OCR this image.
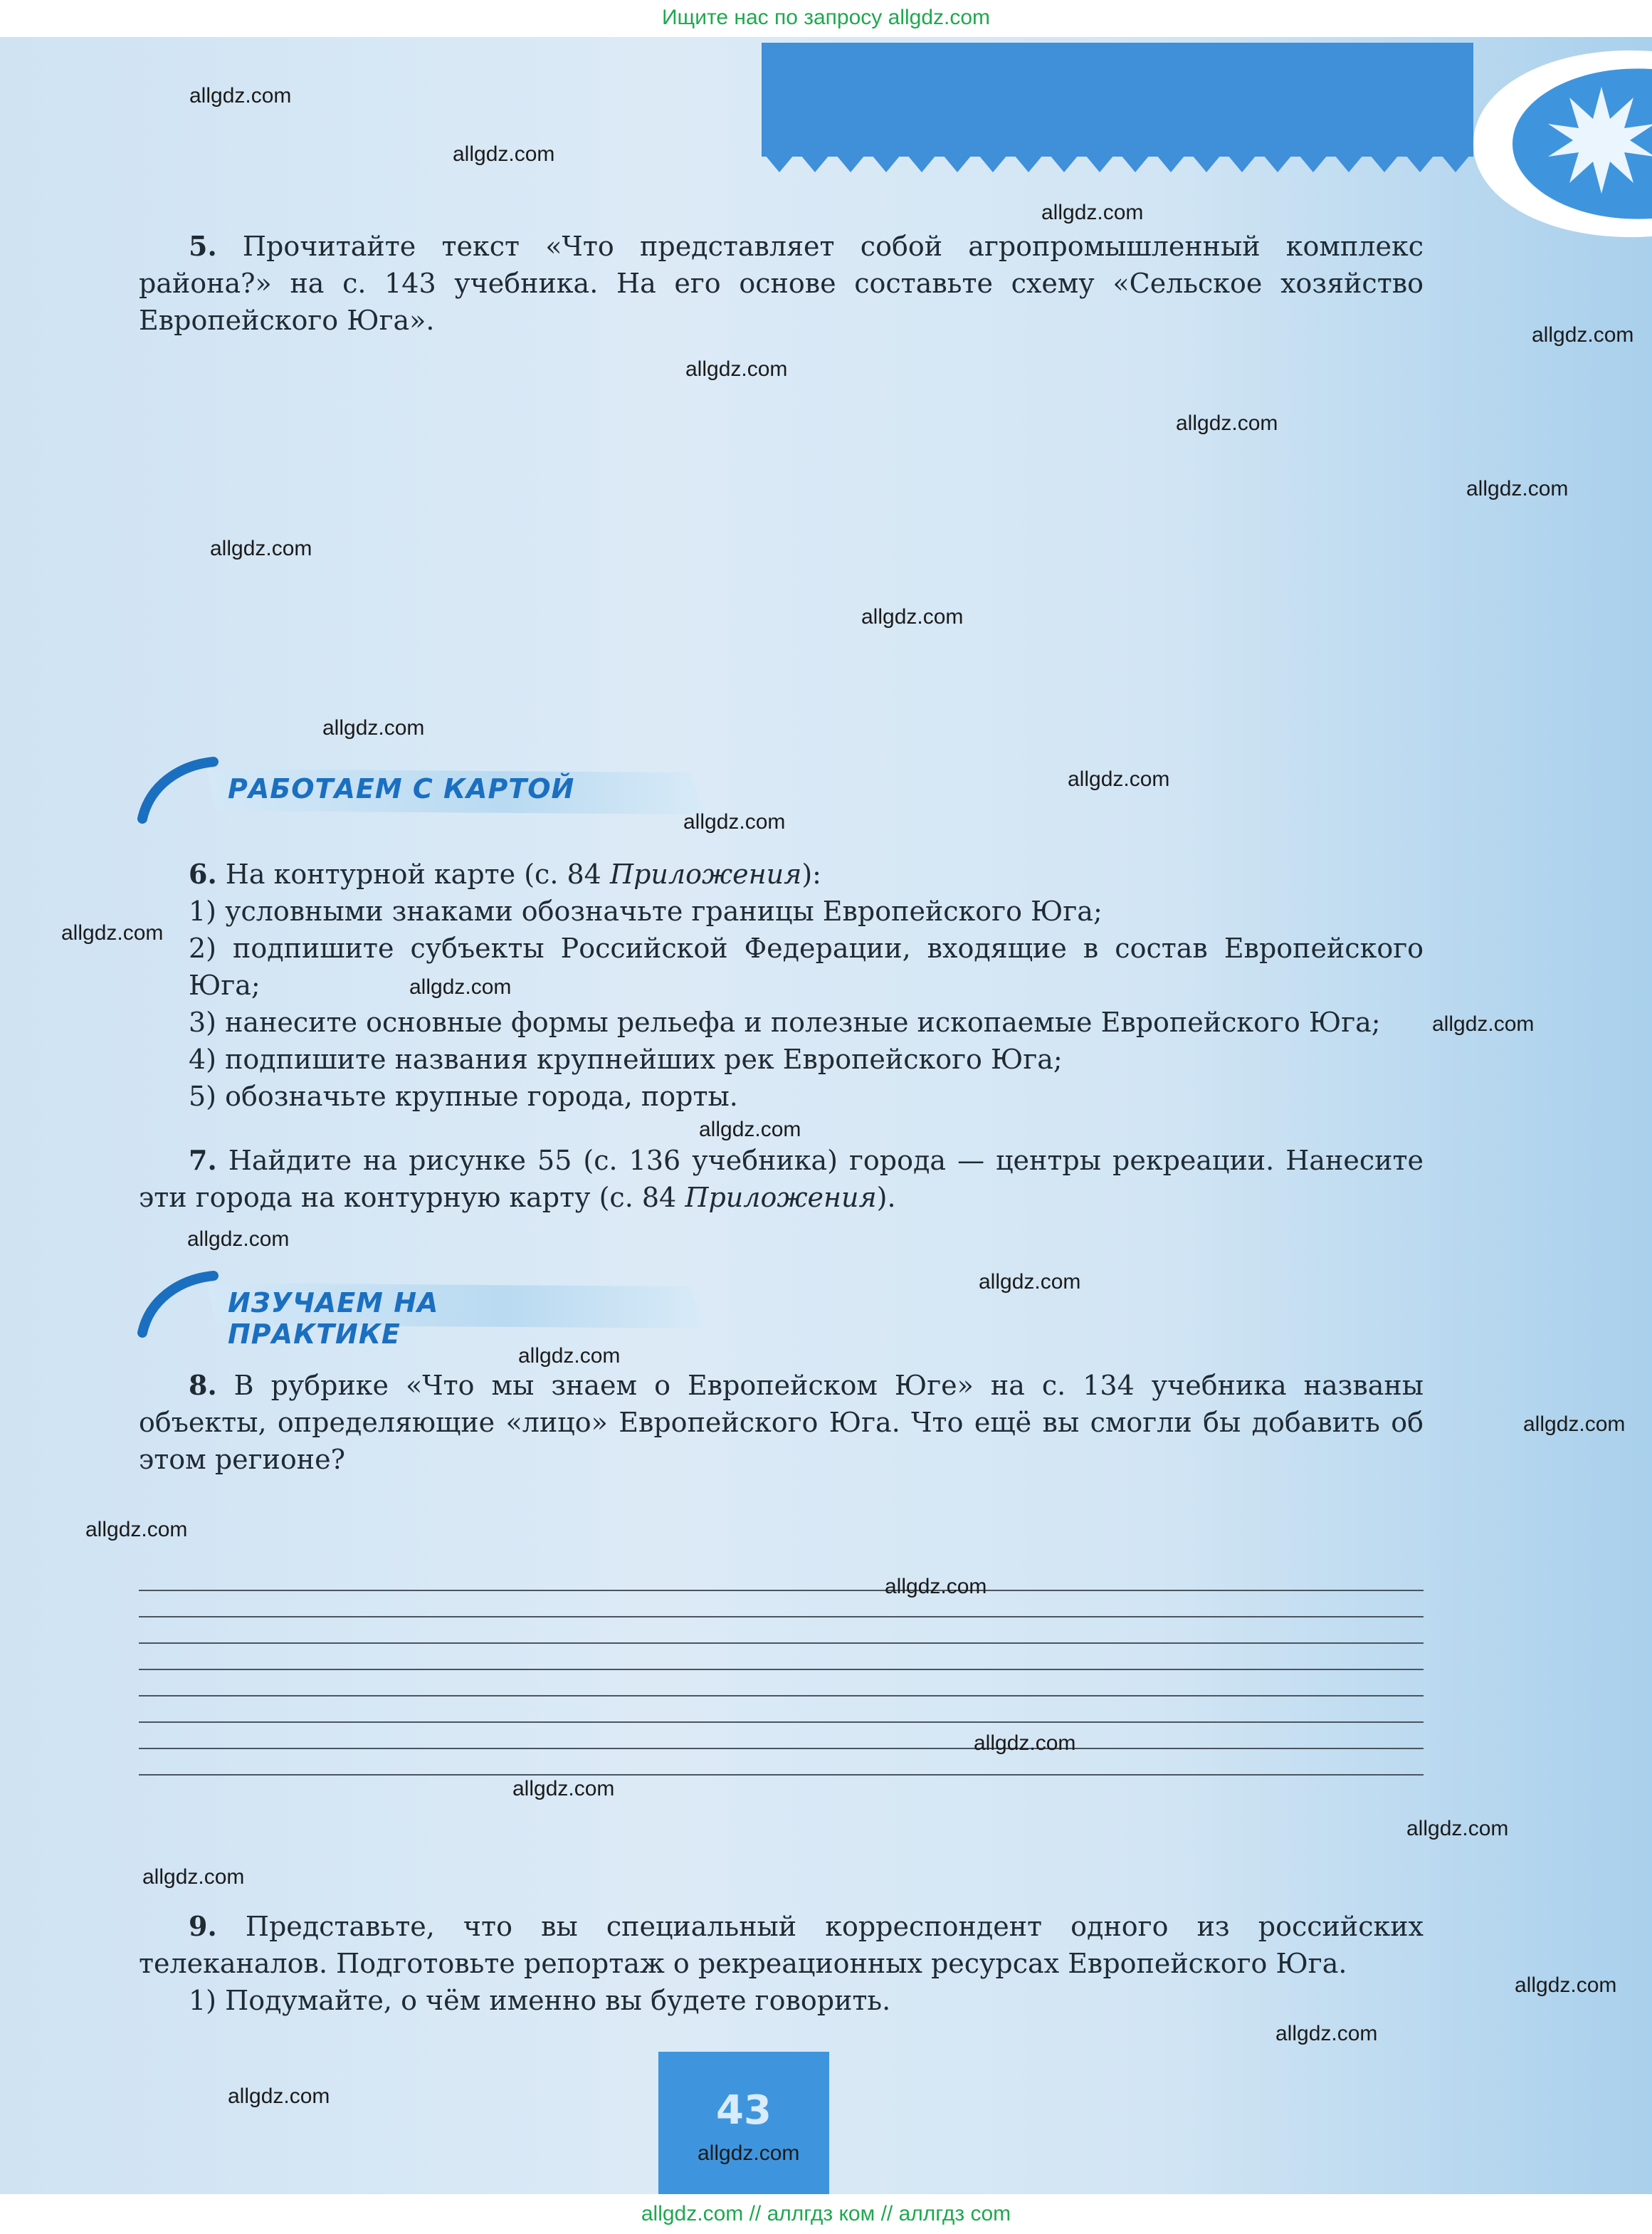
Ищите нас по запросу allgdz.com

5. Прочитайте текст «Что представляет собой агропромышленный комплекс района?» на с. 143 учебника. На его основе составьте схему «Сельское хозяйство Европейского Юга».

РАБОТАЕМ С КАРТОЙ

6. На контурной карте (с. 84 Приложения):

1) условными знаками обозначьте границы Европейского Юга;

2) подпишите субъекты Российской Федерации, входящие в состав Европейского Юга;

3) нанесите основные формы рельефа и полезные ископаемые Европейского Юга;

4) подпишите названия крупнейших рек Европейского Юга;

5) обозначьте крупные города, порты.

7. Найдите на рисунке 55 (с. 136 учебника) города — центры рекреации. Нанесите эти города на контурную карту (с. 84 Приложения).

ИЗУЧАЕМ НА ПРАКТИКЕ

8. В рубрике «Что мы знаем о Европейском Юге» на с. 134 учебника названы объекты, определяющие «лицо» Европейского Юга. Что ещё вы смогли бы добавить об этом регионе?

9. Представьте, что вы специальный корреспондент одного из российских телеканалов. Подготовьте репортаж о рекреационных ресурсах Европейского Юга.

1) Подумайте, о чём именно вы будете говорить.

43
allgdz.com
allgdz.com
allgdz.com
allgdz.com
allgdz.com
allgdz.com
allgdz.com
allgdz.com
allgdz.com
allgdz.com
allgdz.com
allgdz.com
allgdz.com
allgdz.com
allgdz.com
allgdz.com
allgdz.com
allgdz.com
allgdz.com
allgdz.com
allgdz.com
allgdz.com
allgdz.com
allgdz.com
allgdz.com
allgdz.com
allgdz.com
allgdz.com
allgdz.com
allgdz.com
allgdz.com // аллгдз ком // аллгдз com
